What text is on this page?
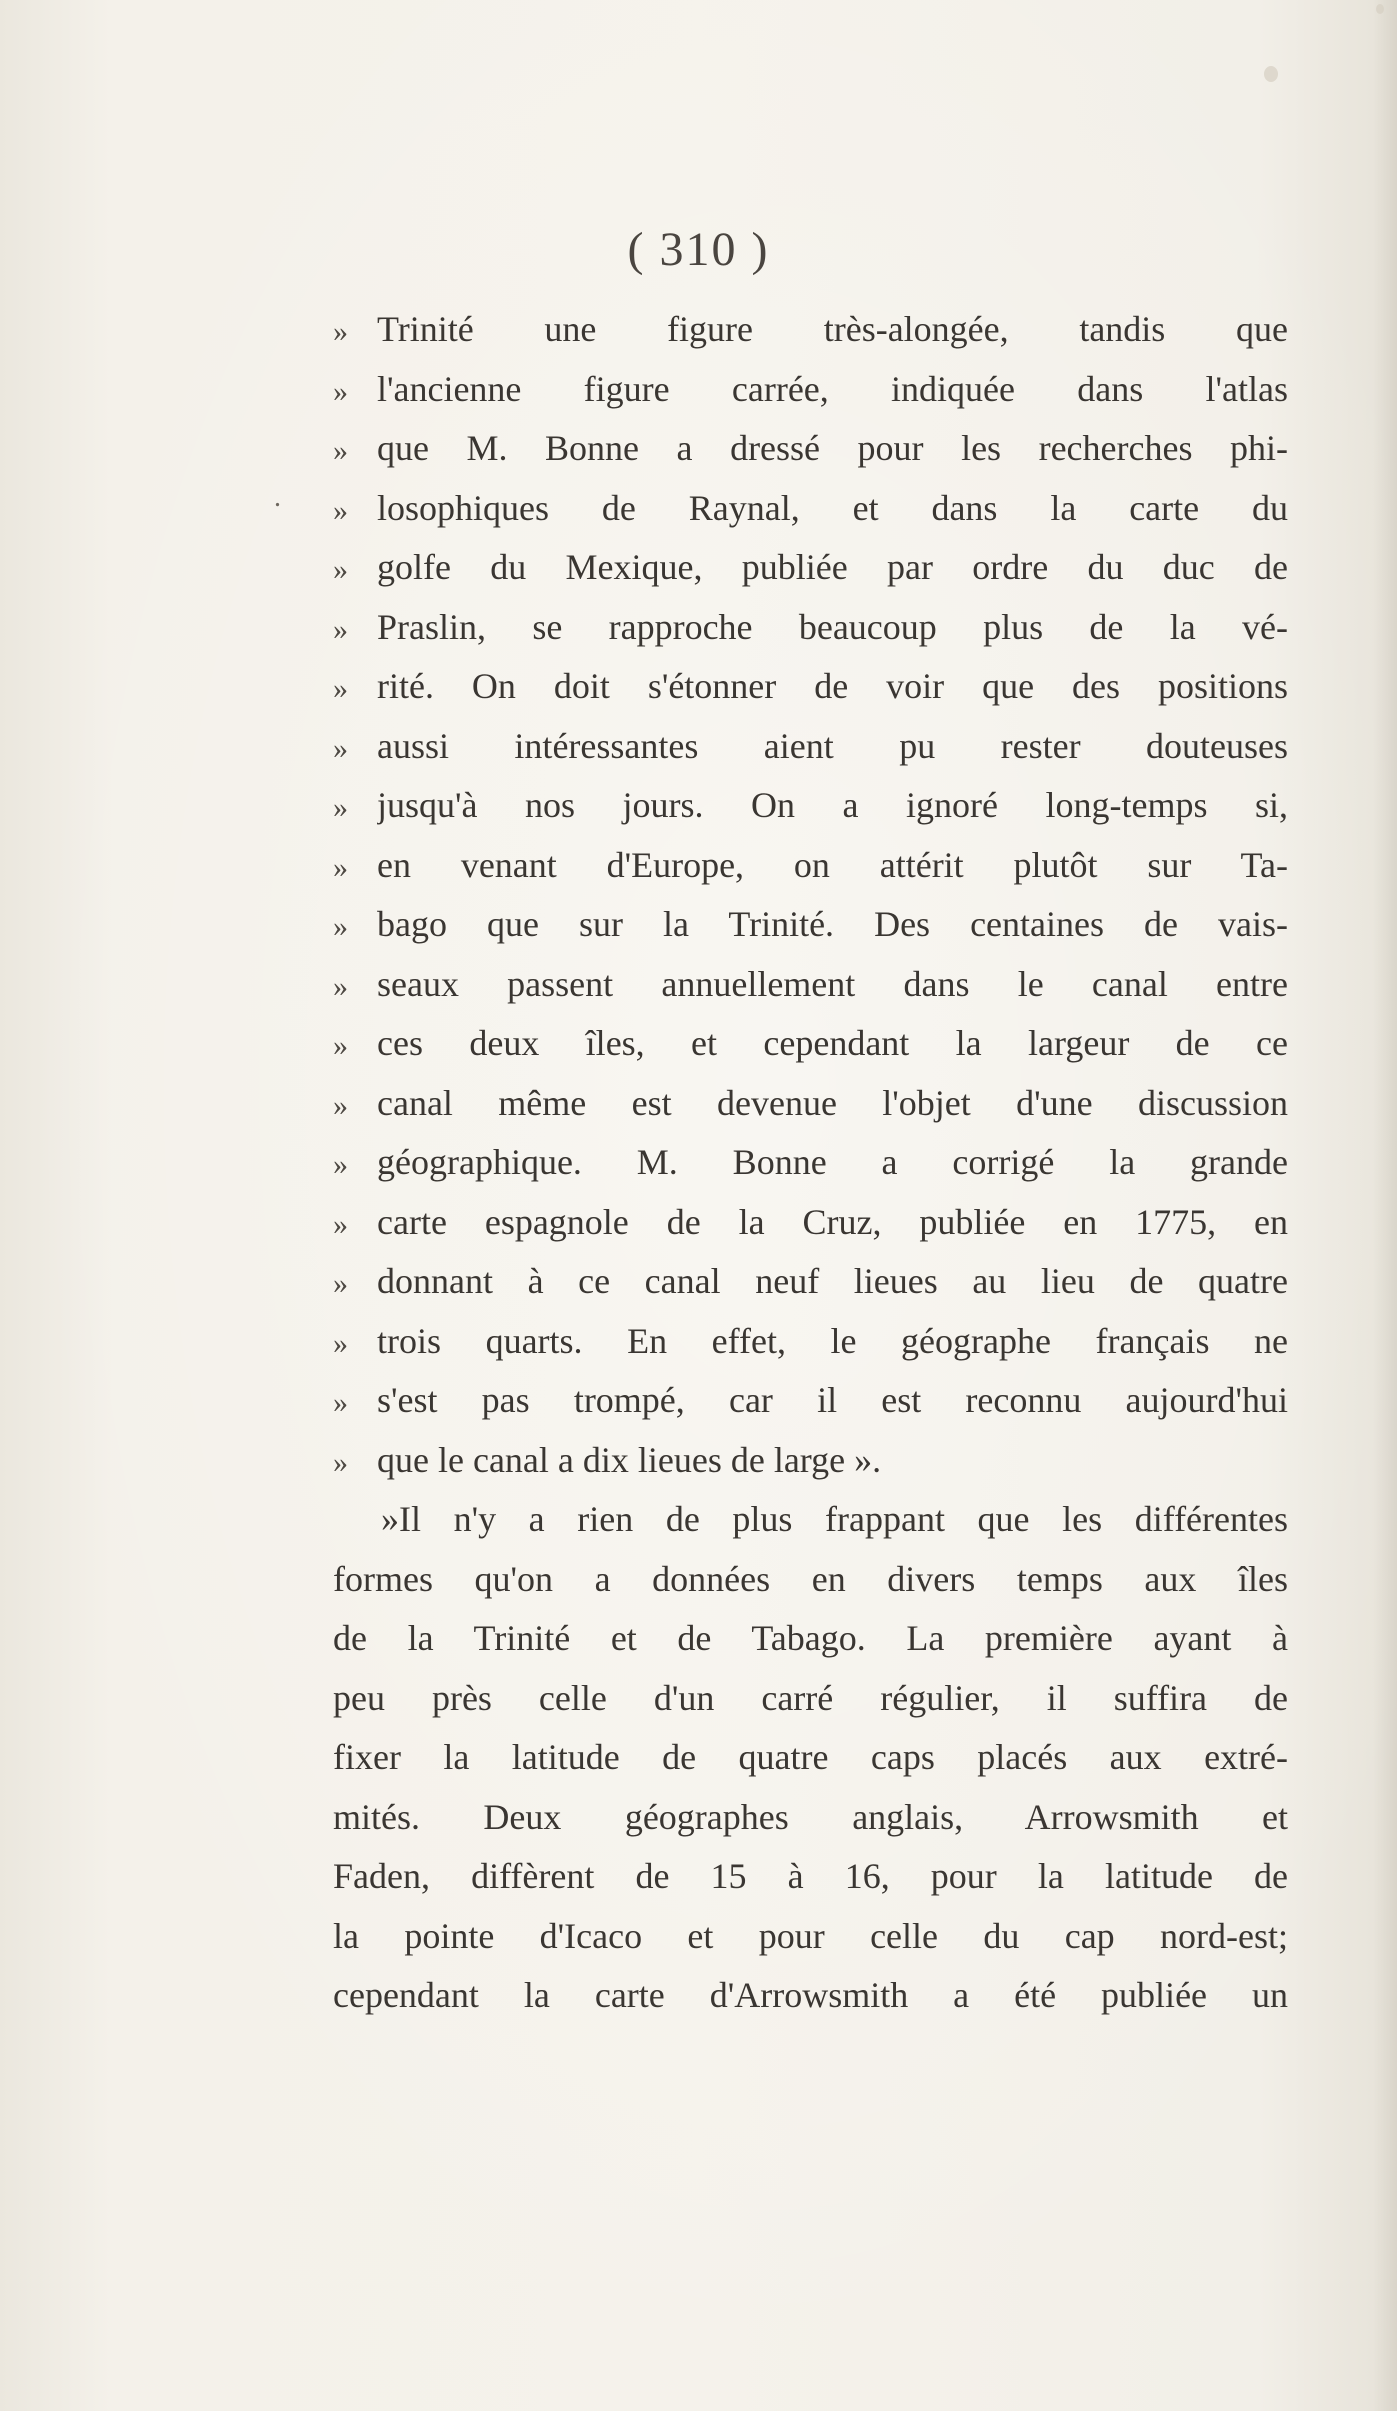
( 310 )
.
» Trinité une figure très-alongée, tandis que
» l'ancienne figure carrée, indiquée dans l'atlas
» que M. Bonne a dressé pour les recherches phi-
» losophiques de Raynal, et dans la carte du
» golfe du Mexique, publiée par ordre du duc de
» Praslin, se rapproche beaucoup plus de la vé-
» rité. On doit s'étonner de voir que des positions
» aussi intéressantes aient pu rester douteuses
» jusqu'à nos jours. On a ignoré long-temps si,
» en venant d'Europe, on attérit plutôt sur Ta-
» bago que sur la Trinité. Des centaines de vais-
» seaux passent annuellement dans le canal entre
» ces deux îles, et cependant la largeur de ce
» canal même est devenue l'objet d'une discussion
» géographique. M. Bonne a corrigé la grande
» carte espagnole de la Cruz, publiée en 1775, en
» donnant à ce canal neuf lieues au lieu de quatre
» trois quarts. En effet, le géographe français ne
» s'est pas trompé, car il est reconnu aujourd'hui
» que le canal a dix lieues de large ».
»Il n'y a rien de plus frappant que les différentes
formes qu'on a données en divers temps aux îles
de la Trinité et de Tabago. La première ayant à
peu près celle d'un carré régulier, il suffira de
fixer la latitude de quatre caps placés aux extré-
mités. Deux géographes anglais, Arrowsmith et
Faden, diffèrent de 15 à 16, pour la latitude de
la pointe d'Icaco et pour celle du cap nord-est;
cependant la carte d'Arrowsmith a été publiée un
